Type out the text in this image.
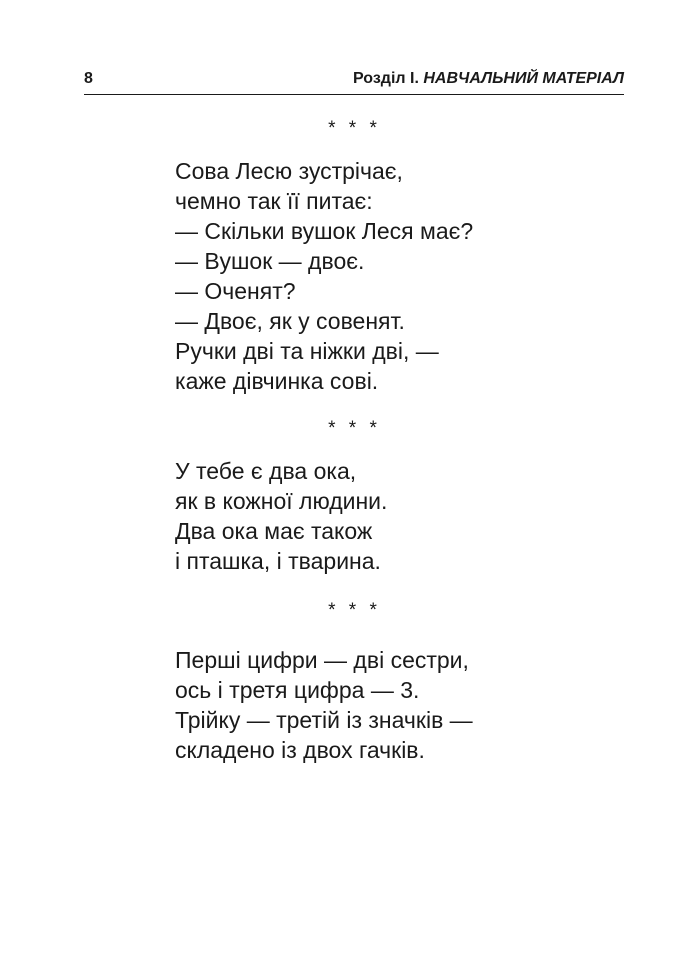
8	Розділ І. НАВЧАЛЬНИЙ МАТЕРІАЛ
* * *
Сова Лесю зустрічає,
чемно так її питає:
— Скільки вушок Леся має?
— Вушок — двоє.
— Оченят?
— Двоє, як у совенят.
Ручки дві та ніжки дві, —
каже дівчинка сові.
* * *
У тебе є два ока,
як в кожної людини.
Два ока має також
і пташка, і тварина.
* * *
Перші цифри — дві сестри,
ось і третя цифра — 3.
Трійку — третій із значків —
складено із двох гачків.
